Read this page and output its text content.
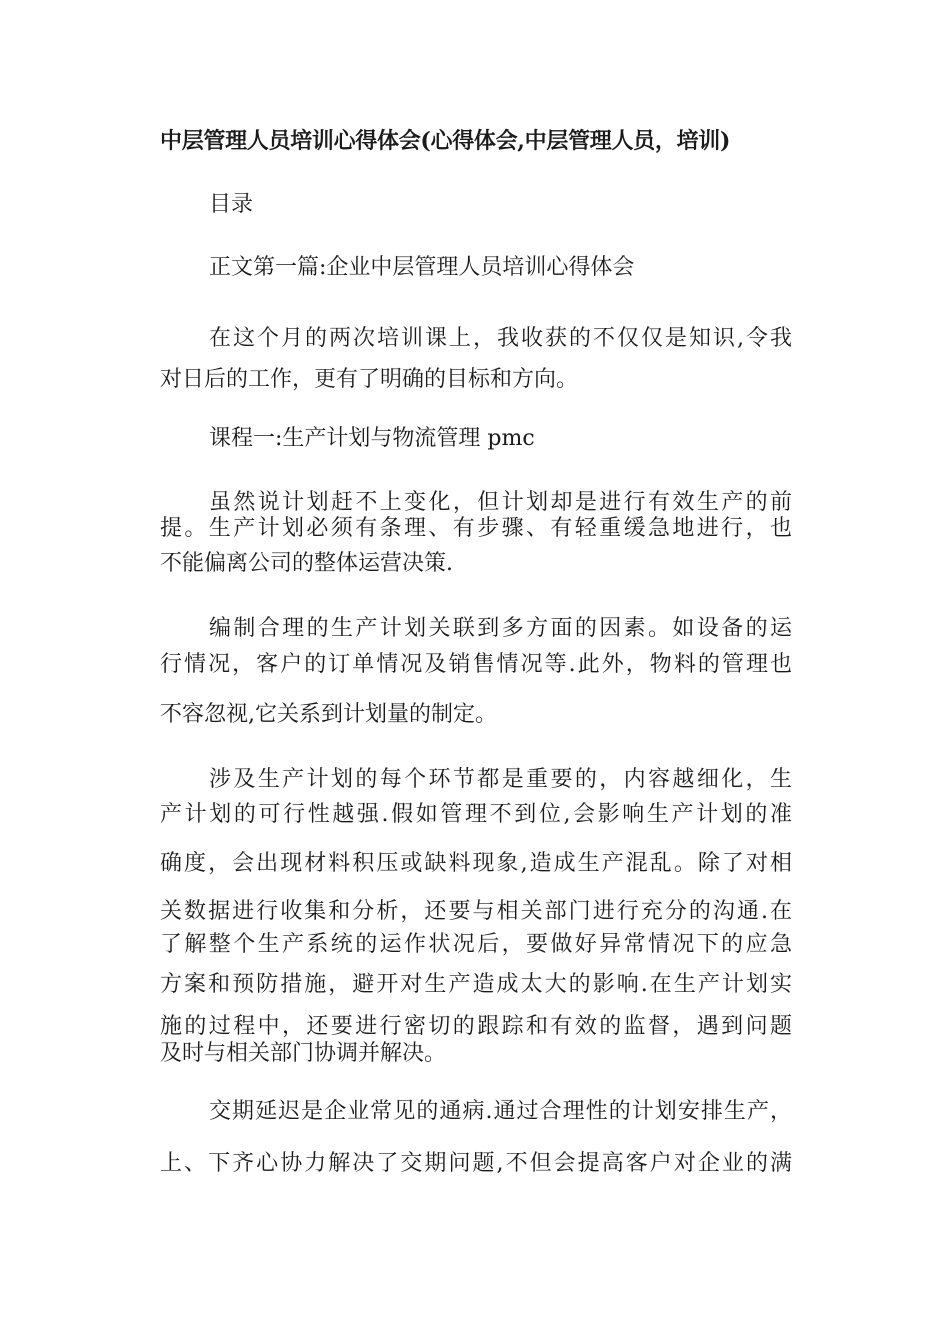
中层管理人员培训心得体会(心得体会,中层管理人员，培训)
目录
正文第一篇:企业中层管理人员培训心得体会
在这个月的两次培训课上，我收获的不仅仅是知识,令我
对日后的工作，更有了明确的目标和方向。
课程一:生产计划与物流管理 pmc
虽然说计划赶不上变化，但计划却是进行有效生产的前
提。生产计划必须有条理、有步骤、有轻重缓急地进行，也
不能偏离公司的整体运营决策.
编制合理的生产计划关联到多方面的因素。如设备的运
行情况，客户的订单情况及销售情况等.此外，物料的管理也
不容忽视,它关系到计划量的制定。
涉及生产计划的每个环节都是重要的，内容越细化，生
产计划的可行性越强.假如管理不到位,会影响生产计划的准
确度，会出现材料积压或缺料现象,造成生产混乱。除了对相
关数据进行收集和分析，还要与相关部门进行充分的沟通.在
了解整个生产系统的运作状况后，要做好异常情况下的应急
方案和预防措施，避开对生产造成太大的影响.在生产计划实
施的过程中，还要进行密切的跟踪和有效的监督，遇到问题
及时与相关部门协调并解决。
交期延迟是企业常见的通病.通过合理性的计划安排生产，
上、下齐心协力解决了交期问题,不但会提高客户对企业的满
